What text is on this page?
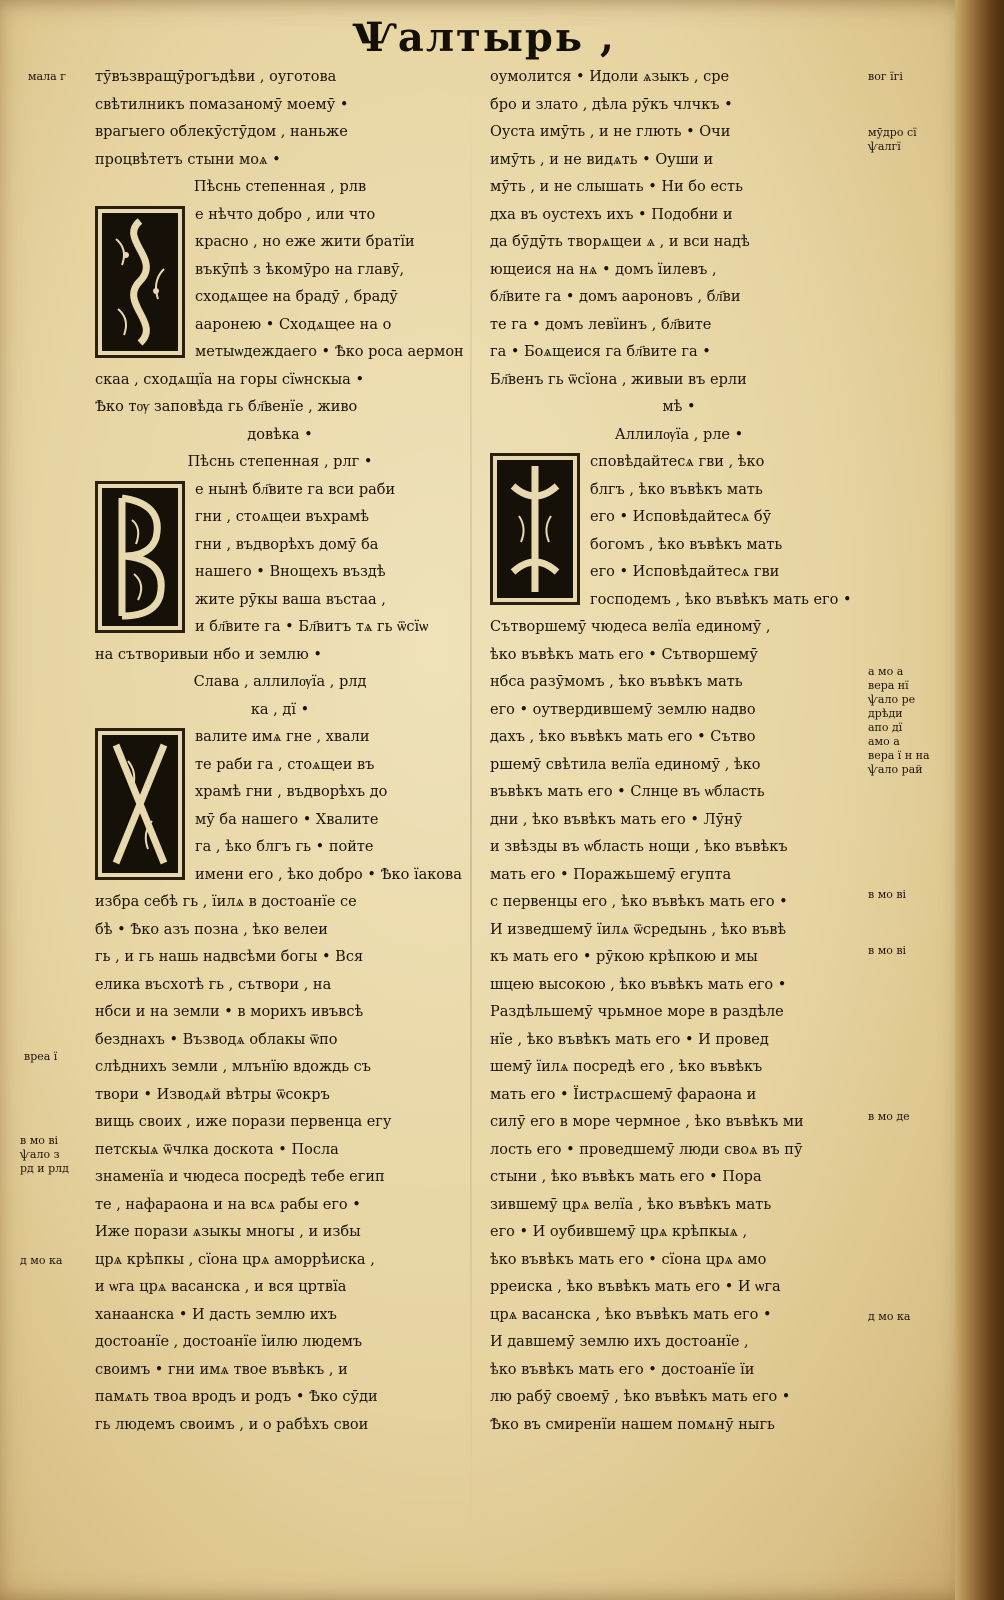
Ѱалтырь ,

тӯвъзвращӯрогъдѣви , оуготова

свѣтилникъ помазаномӯ моемӯ •

врагыего облекӯстӯдом , наньже

процвѣтетъ стыни моѧ •

Пѣснь степенная , рлв

е нѣчто добро , или что

красно , но еже жити братїи

въкӯпѣ з ѣкомӯро на главӯ,

сходѧщее на брадӯ , брадӯ

ааронею • Сходѧщее на о

метыѡдеждаего • Ѣко роса аермон

скаа , сходѧщїа на горы сїѡнскыа •

Ѣко тѹ заповѣда гь бл҃венїе , живо

довѣка •

Пѣснь степенная , рлг •

е нынѣ бл҃вите га вси раби

гни , стоѧщеи въхрамѣ

гни , въдворѣхъ домӯ ба

нашего • Внощехъ въздѣ

жите рӯкы ваша въстаа ,

и бл҃вите га • Бл҃витъ тѧ гь ѿсїѡ

на сътворивыи нбо и землю •

Слава , аллилѹїа , рлд

ка , дї •

валите имѧ гне , хвали

те раби га , стоѧщеи въ

храмѣ гни , въдворѣхъ до

мӯ ба нашего • Хвалите

га , ѣко блгъ гь • пойте

имени его , ѣко добро • Ѣко їакова

избра себѣ гь , їилѧ в достоанїе се

бѣ • Ѣко азъ позна , ѣко велеи

гь , и гь нашь надвсѣми богы • Вся

елика въсхотѣ гь , сътвори , на

нбси и на земли • в морихъ ивъвсѣ

безднахъ • Възводѧ облакы ѿпо

слѣднихъ земли , млънїю вдождь съ

твори • Изводѧй вѣтры ѿсокръ

вищь своих , иже порази первенца егу

петскыѧ ѿчлка доскота • Посла

знаменїа и чюдеса посредѣ тебе егип

те , нафараона и на всѧ рабы его •

Иже порази ѧзыкы многы , и избы

црѧ крѣпкы , сїона црѧ аморрѣиска ,

и ѡга црѧ васанска , и вся цртвїа

ханаанска • И дасть землю ихъ

достоанїе , достоанїе їилю людемъ

своимъ • гни имѧ твое въвѣкъ , и

памѧть твоа вродъ и родъ • Ѣко сӯди

гь людемъ своимъ , и о рабѣхъ свои

оумолится • Идоли ѧзыкъ , сре

бро и злато , дѣла рӯкъ члчкъ •

Оуста имӯть , и не глють • Очи

имӯть , и не видѧть • Оуши и

мӯть , и не слышать • Ни бо есть

дха въ оустехъ ихъ • Подобни и

да бӯдӯть творѧщеи ѧ , и вси надѣ

ющеися на нѧ • домъ їилевъ ,

бл҃вите га • домъ аароновъ , бл҃ви

те га • домъ левїинъ , бл҃вите

га • Боѧщеися га бл҃вите га •

Бл҃венъ гь ѿсїона , живыи въ ерли

мѣ •

Аллилѹїа , рле •

сповѣдайтесѧ гви , ѣко

блгъ , ѣко въвѣкъ мать

его • Исповѣдайтесѧ бӯ

богомъ , ѣко въвѣкъ мать

его • Исповѣдайтесѧ гви

господемъ , ѣко въвѣкъ мать его •

Сътворшемӯ чюдеса велїа единомӯ ,

ѣко въвѣкъ мать его • Сътворшемӯ

нбса разӯмомъ , ѣко въвѣкъ мать

его • оутвердившемӯ землю надво

дахъ , ѣко въвѣкъ мать его • Сътво

ршемӯ свѣтила велїа единомӯ , ѣко

въвѣкъ мать его • Слнце въ ѡбласть

дни , ѣко въвѣкъ мать его • Лӯнӯ

и звѣзды въ ѡбласть нощи , ѣко въвѣкъ

мать его • Поражьшемӯ егупта

с первенцы его , ѣко въвѣкъ мать его •

И изведшемӯ їилѧ ѿсредынь , ѣко въвѣ

къ мать его • рӯкою крѣпкою и мы

шцею высокою , ѣко въвѣкъ мать его •

Раздѣльшемӯ чрьмное море в раздѣле

нїе , ѣко въвѣкъ мать его • И провед

шемӯ їилѧ посредѣ его , ѣко въвѣкъ

мать его • Їистрѧсшемӯ фараона и

силӯ его в море чермное , ѣко въвѣкъ ми

лость его • проведшемӯ люди своѧ въ пӯ

стыни , ѣко въвѣкъ мать его • Пора

зившемӯ црѧ велїа , ѣко въвѣкъ мать

его • И оубившемӯ црѧ крѣпкыѧ ,

ѣко въвѣкъ мать его • сїона црѧ амо

рреиска , ѣко въвѣкъ мать его • И ѡга

црѧ васанска , ѣко въвѣкъ мать его •

И давшемӯ землю ихъ достоанїе ,

ѣко въвѣкъ мать его • достоанїе їи

лю рабӯ своемӯ , ѣко въвѣкъ мать его •

Ѣко въ смиренїи нашем помѧнӯ ныгь

мала г	вог їгі
мӯдро сї
ѱалгї
а мо а
вера нї
ѱало ре
дрѣди
апо дї
амо а
вера ї н на
ѱало рай
в мо ві
в мо ві
в мо де
д мо ка
вреа ї
в мо ві
ѱало з
рд и рлд
д мо ка
